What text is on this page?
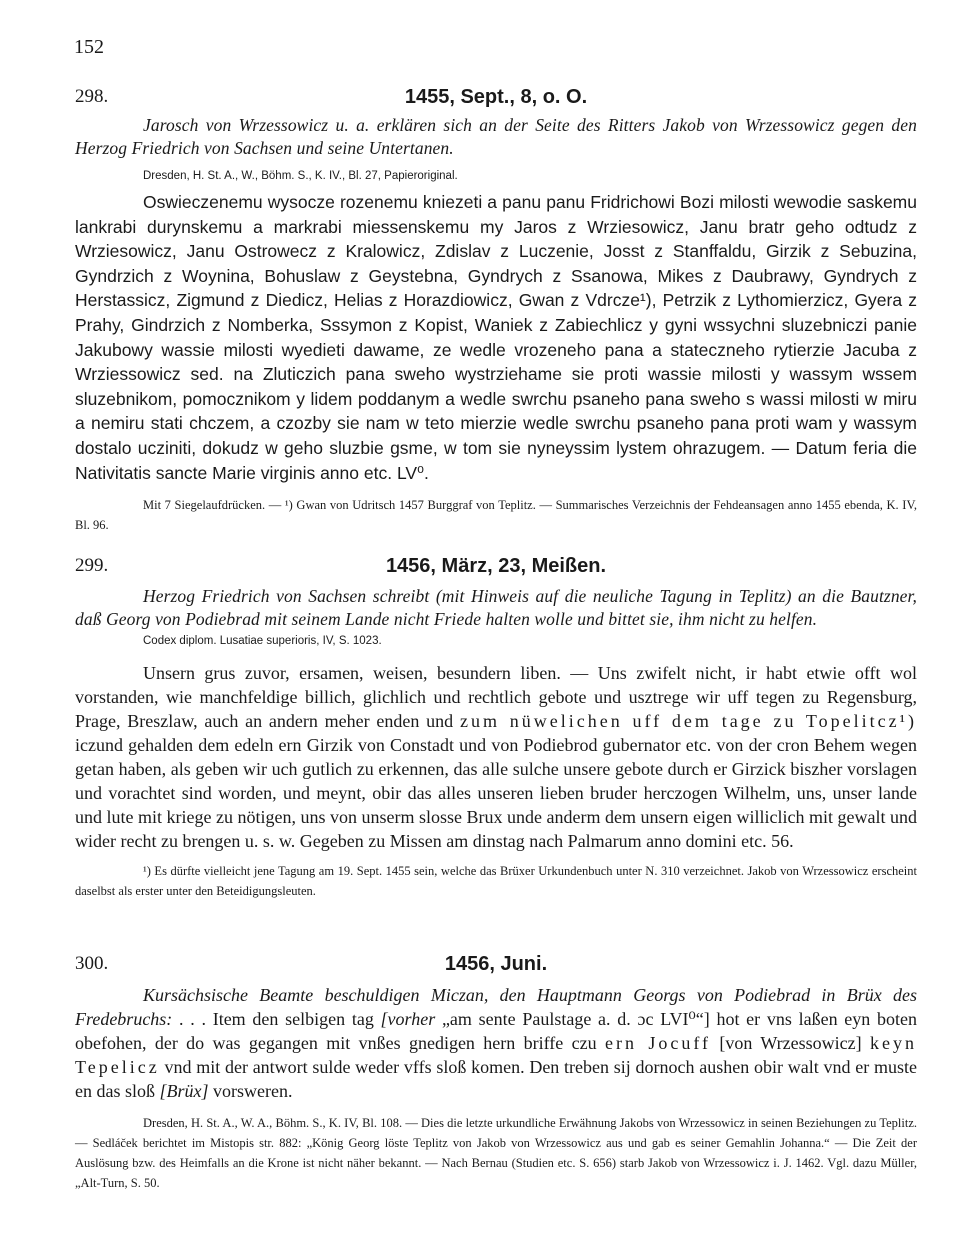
152
298.	1455, Sept., 8, o. O.

Jarosch von Wrzessowicz u. a. erklären sich an der Seite des Ritters Jakob von Wrzessowicz gegen den Herzog Friedrich von Sachsen und seine Untertanen.

Dresden, H. St. A., W., Böhm. S., K. IV., Bl. 27, Papieroriginal.

Oswieczenemu wysocze rozenemu kniezeti a panu panu Fridrichowi Bozi milosti wewodie saskemu lankrabi durynskemu a markrabi miessenskemu my Jaros z Wrziesowicz, Janu bratr geho odtudz z Wrziesowicz, Janu Ostrowecz z Kralowicz, Zdislav z Luczenie, Josst z Stanffaldu, Girzik z Sebuzina, Gyndrzich z Woynina, Bohuslaw z Geystebna, Gyndrych z Ssanowa, Mikes z Daubrawy, Gyndrych z Herstassicz, Zigmund z Diedicz, Helias z Horazdiowicz, Gwan z Vdrcze¹), Petrzik z Lythomierzicz, Gyera z Prahy, Gindrzich z Nomberka, Sssymon z Kopist, Waniek z Zabiechlicz y gyni wssychni sluzebniczi panie Jakubowy wassie milosti wyedieti dawame, ze wedle vrozeneho pana a stateczneho rytierzie Jacuba z Wrziessowicz sed. na Zluticzich pana sweho wystrziehame sie proti wassie milosti y wassym wssem sluzebnikom, pomocznikom y lidem poddanym a wedle swrchu psaneho pana sweho s wassi milosti w miru a nemiru stati chczem, a czozby sie nam w teto mierzie wedle swrchu psaneho pana proti wam y wassym dostalo ucziniti, dokudz w geho sluzbie gsme, w tom sie nyneyssim lystem ohrazugem. — Datum feria die Nativitatis sancte Marie virginis anno etc. LV⁰.

Mit 7 Siegelaufdrücken. — ¹) Gwan von Udritsch 1457 Burggraf von Teplitz. — Summarisches Verzeichnis der Fehdeansagen anno 1455 ebenda, K. IV, Bl. 96.

299.	1456, März, 23, Meißen.

Herzog Friedrich von Sachsen schreibt (mit Hinweis auf die neuliche Tagung in Teplitz) an die Bautzner, daß Georg von Podiebrad mit seinem Lande nicht Friede halten wolle und bittet sie, ihm nicht zu helfen.

Codex diplom. Lusatiae superioris, IV, S. 1023.

Unsern grus zuvor, ersamen, weisen, besundern liben. — Uns zwifelt nicht, ir habt etwie offt wol vorstanden, wie manchfeldige billich, glichlich und rechtlich gebote und usztrege wir uff tegen zu Regensburg, Prage, Breszlaw, auch an andern meher enden und zum nüwelichen uff dem tage zu Topelitcz¹) iczund gehalden dem edeln ern Girzik von Constadt und von Podiebrod gubernator etc. von der cron Behem wegen getan haben, als geben wir uch gutlich zu erkennen, das alle sulche unsere gebote durch er Girzick biszher vorslagen und vorachtet sind worden, und meynt, obir das alles unseren lieben bruder herczogen Wilhelm, uns, unser lande und lute mit kriege zu nötigen, uns von unserm slosse Brux unde anderm dem unsern eigen williclich mit gewalt und wider recht zu brengen u. s. w. Gegeben zu Missen am dinstag nach Palmarum anno domini etc. 56.

¹) Es dürfte vielleicht jene Tagung am 19. Sept. 1455 sein, welche das Brüxer Urkundenbuch unter N. 310 verzeichnet. Jakob von Wrzessowicz erscheint daselbst als erster unter den Beteidigungsleuten.

300.	1456, Juni.

Kursächsische Beamte beschuldigen Miczan, den Hauptmann Georgs von Podiebrad in Brüx des Fredebruchs: . . . Item den selbigen tag [vorher „am sente Paulstage a. d. ɔc LVI⁰“] hot er vns laßen eyn boten obefohen, der do was gegangen mit vnßes gnedigen hern briffe czu ern Jocuff [von Wrzessowicz] keyn Tepelicz vnd mit der antwort sulde weder vffs sloß komen. Den treben sij dornoch aushen obir walt vnd er muste en das sloß [Brüx] vorsweren.

Dresden, H. St. A., W. A., Böhm. S., K. IV, Bl. 108. — Dies die letzte urkundliche Erwähnung Jakobs von Wrzessowicz in seinen Beziehungen zu Teplitz. — Sedláček berichtet im Mistopis str. 882: „König Georg löste Teplitz von Jakob von Wrzessowicz aus und gab es seiner Gemahlin Johanna.“ — Die Zeit der Auslösung bzw. des Heimfalls an die Krone ist nicht näher bekannt. — Nach Bernau (Studien etc. S. 656) starb Jakob von Wrzessowicz i. J. 1462. Vgl. dazu Müller, „Alt-Turn, S. 50.
